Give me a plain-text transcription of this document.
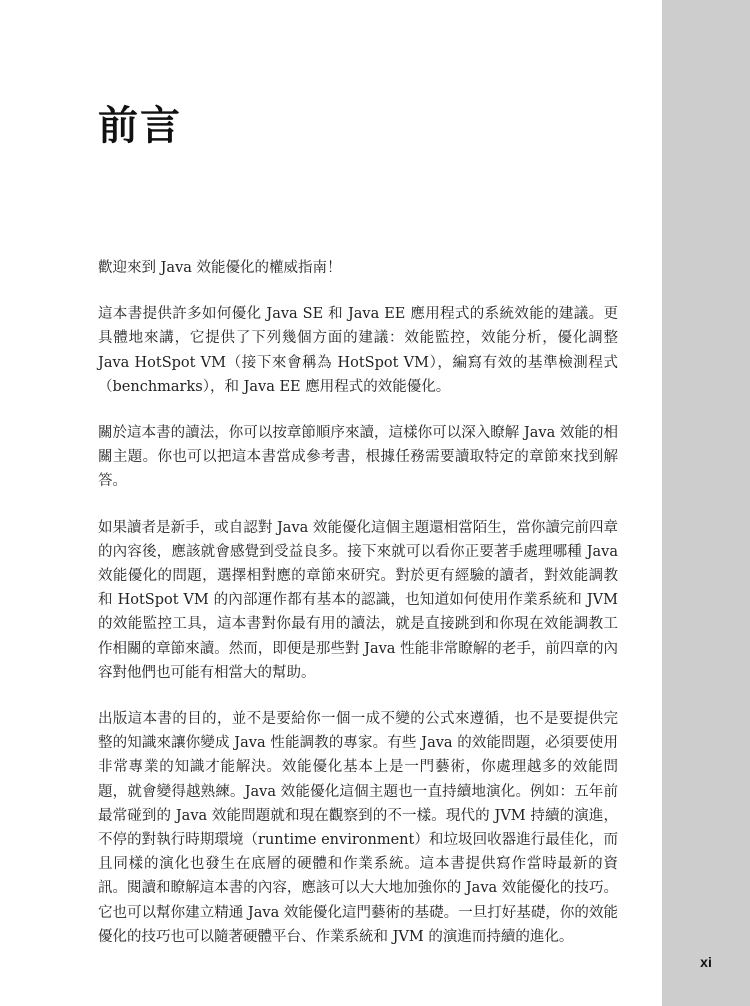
前言

歡迎來到 Java 效能優化的權威指南！

這本書提供許多如何優化 Java SE 和 Java EE 應用程式的系統效能的建議。更具體地來講，它提供了下列幾個方面的建議：效能監控，效能分析，優化調整 Java HotSpot VM（接下來會稱為 HotSpot VM），編寫有效的基準檢測程式（benchmarks），和 Java EE 應用程式的效能優化。

關於這本書的讀法，你可以按章節順序來讀，這樣你可以深入瞭解 Java 效能的相關主題。你也可以把這本書當成參考書，根據任務需要讀取特定的章節來找到解答。

如果讀者是新手，或自認對 Java 效能優化這個主題還相當陌生，當你讀完前四章的內容後，應該就會感覺到受益良多。接下來就可以看你正要著手處理哪種 Java 效能優化的問題，選擇相對應的章節來研究。對於更有經驗的讀者，對效能調教和 HotSpot VM 的內部運作都有基本的認識，也知道如何使用作業系統和 JVM 的效能監控工具，這本書對你最有用的讀法，就是直接跳到和你現在效能調教工作相關的章節來讀。然而，即便是那些對 Java 性能非常瞭解的老手，前四章的內容對他們也可能有相當大的幫助。

出版這本書的目的，並不是要給你一個一成不變的公式來遵循，也不是要提供完整的知識來讓你變成 Java 性能調教的專家。有些 Java 的效能問題，必須要使用非常專業的知識才能解決。效能優化基本上是一門藝術，你處理越多的效能問題，就會變得越熟練。Java 效能優化這個主題也一直持續地演化。例如：五年前最常碰到的 Java 效能問題就和現在觀察到的不一樣。現代的 JVM 持續的演進，不停的對執行時期環境（runtime environment）和垃圾回收器進行最佳化，而且同樣的演化也發生在底層的硬體和作業系統。這本書提供寫作當時最新的資訊。閱讀和瞭解這本書的內容，應該可以大大地加強你的 Java 效能優化的技巧。它也可以幫你建立精通 Java 效能優化這門藝術的基礎。一旦打好基礎，你的效能優化的技巧也可以隨著硬體平台、作業系統和 JVM 的演進而持續的進化。

xi
